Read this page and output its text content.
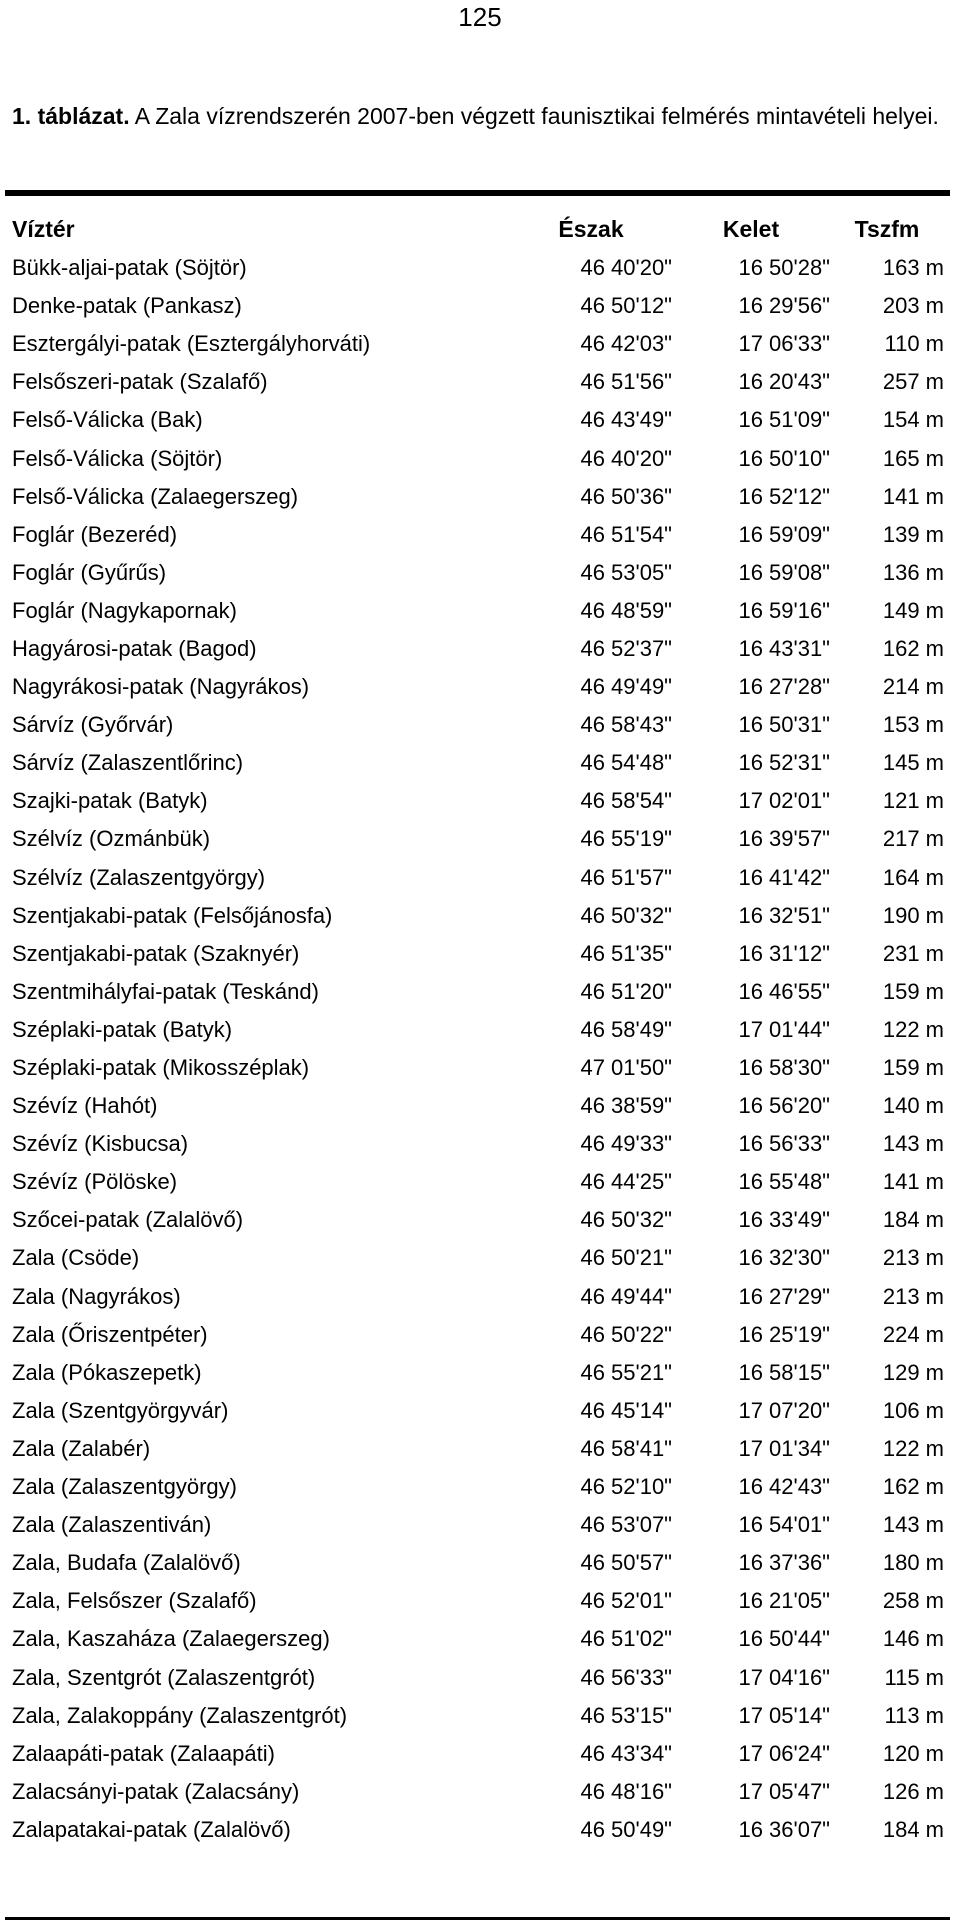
125
1. táblázat. A Zala vízrendszerén 2007-ben végzett faunisztikai felmérés mintavételi helyei.
Víztér	Észak	Kelet	Tszfm
Bükk-aljai-patak (Söjtör)	46 40'20"	16 50'28"	163 m
Denke-patak (Pankasz)	46 50'12"	16 29'56"	203 m
Esztergályi-patak (Esztergályhorváti)	46 42'03"	17 06'33"	110 m
Felsőszeri-patak (Szalafő)	46 51'56"	16 20'43"	257 m
Felső-Válicka (Bak)	46 43'49"	16 51'09"	154 m
Felső-Válicka (Söjtör)	46 40'20"	16 50'10"	165 m
Felső-Válicka (Zalaegerszeg)	46 50'36"	16 52'12"	141 m
Foglár (Bezeréd)	46 51'54"	16 59'09"	139 m
Foglár (Gyűrűs)	46 53'05"	16 59'08"	136 m
Foglár (Nagykapornak)	46 48'59"	16 59'16"	149 m
Hagyárosi-patak (Bagod)	46 52'37"	16 43'31"	162 m
Nagyrákosi-patak (Nagyrákos)	46 49'49"	16 27'28"	214 m
Sárvíz (Győrvár)	46 58'43"	16 50'31"	153 m
Sárvíz (Zalaszentlőrinc)	46 54'48"	16 52'31"	145 m
Szajki-patak (Batyk)	46 58'54"	17 02'01"	121 m
Szélvíz (Ozmánbük)	46 55'19"	16 39'57"	217 m
Szélvíz (Zalaszentgyörgy)	46 51'57"	16 41'42"	164 m
Szentjakabi-patak (Felsőjánosfa)	46 50'32"	16 32'51"	190 m
Szentjakabi-patak (Szaknyér)	46 51'35"	16 31'12"	231 m
Szentmihályfai-patak (Teskánd)	46 51'20"	16 46'55"	159 m
Széplaki-patak (Batyk)	46 58'49"	17 01'44"	122 m
Széplaki-patak (Mikosszéplak)	47 01'50"	16 58'30"	159 m
Szévíz (Hahót)	46 38'59"	16 56'20"	140 m
Szévíz (Kisbucsa)	46 49'33"	16 56'33"	143 m
Szévíz (Pölöske)	46 44'25"	16 55'48"	141 m
Szőcei-patak (Zalalövő)	46 50'32"	16 33'49"	184 m
Zala (Csöde)	46 50'21"	16 32'30"	213 m
Zala (Nagyrákos)	46 49'44"	16 27'29"	213 m
Zala (Őriszentpéter)	46 50'22"	16 25'19"	224 m
Zala (Pókaszepetk)	46 55'21"	16 58'15"	129 m
Zala (Szentgyörgyvár)	46 45'14"	17 07'20"	106 m
Zala (Zalabér)	46 58'41"	17 01'34"	122 m
Zala (Zalaszentgyörgy)	46 52'10"	16 42'43"	162 m
Zala (Zalaszentiván)	46 53'07"	16 54'01"	143 m
Zala, Budafa (Zalalövő)	46 50'57"	16 37'36"	180 m
Zala, Felsőszer (Szalafő)	46 52'01"	16 21'05"	258 m
Zala, Kaszaháza (Zalaegerszeg)	46 51'02"	16 50'44"	146 m
Zala, Szentgrót (Zalaszentgrót)	46 56'33"	17 04'16"	115 m
Zala, Zalakoppány (Zalaszentgrót)	46 53'15"	17 05'14"	113 m
Zalaapáti-patak (Zalaapáti)	46 43'34"	17 06'24"	120 m
Zalacsányi-patak (Zalacsány)	46 48'16"	17 05'47"	126 m
Zalapatakai-patak (Zalalövő)	46 50'49"	16 36'07"	184 m
